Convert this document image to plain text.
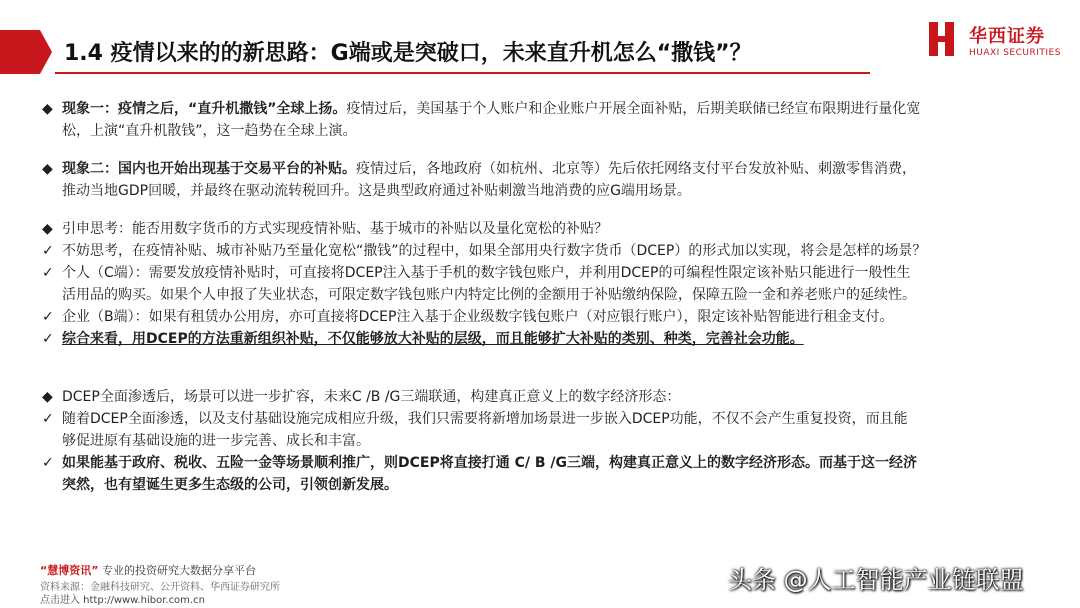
1.4 疫情以来的的新思路：G端或是突破口，未来直升机怎么“撒钱”？
华西证券
HUAXI SECURITIES
◆ 现象一：疫情之后，“直升机撒钱”全球上扬。疫情过后，美国基于个人账户和企业账户开展全面补贴，后期美联储已经宣布限期进行量化宽
松，上演“直升机散钱”，这一趋势在全球上演。
◆ 现象二：国内也开始出现基于交易平台的补贴。疫情过后，各地政府（如杭州、北京等）先后依托网络支付平台发放补贴、刺激零售消费，
推动当地GDP回暖，并最终在驱动流转税回升。这是典型政府通过补贴刺激当地消费的应G端用场景。
◆ 引申思考：能否用数字货币的方式实现疫情补贴、基于城市的补贴以及量化宽松的补贴？
✓ 不妨思考，在疫情补贴、城市补贴乃至量化宽松“撒钱”的过程中，如果全部用央行数字货币（DCEP）的形式加以实现，将会是怎样的场景？
✓ 个人（C端）：需要发放疫情补贴时，可直接将DCEP注入基于手机的数字钱包账户，并利用DCEP的可编程性限定该补贴只能进行一般性生
活用品的购买。如果个人申报了失业状态，可限定数字钱包账户内特定比例的金额用于补贴缴纳保险，保障五险一金和养老账户的延续性。
✓ 企业（B端）：如果有租赁办公用房，亦可直接将DCEP注入基于企业级数字钱包账户（对应银行账户），限定该补贴智能进行租金支付。
✓ 综合来看，用DCEP的方法重新组织补贴，不仅能够放大补贴的层级，而且能够扩大补贴的类别、种类，完善社会功能。
◆ DCEP全面渗透后，场景可以进一步扩容，未来C /B /G三端联通，构建真正意义上的数字经济形态：
✓ 随着DCEP全面渗透，以及支付基础设施完成相应升级，我们只需要将新增加场景进一步嵌入DCEP功能，不仅不会产生重复投资，而且能
够促进原有基础设施的进一步完善、成长和丰富。
✓ 如果能基于政府、税收、五险一金等场景顺利推广，则DCEP将直接打通 C/ B /G三端，构建真正意义上的数字经济形态。而基于这一经济
突然，也有望诞生更多生态级的公司，引领创新发展。
“慧博资讯” 专业的投资研究大数据分享平台
资料来源：金融科技研究、公开资料、华西证券研究所
点击进入 http://www.hibor.com.cn
头条 @人工智能产业链联盟
